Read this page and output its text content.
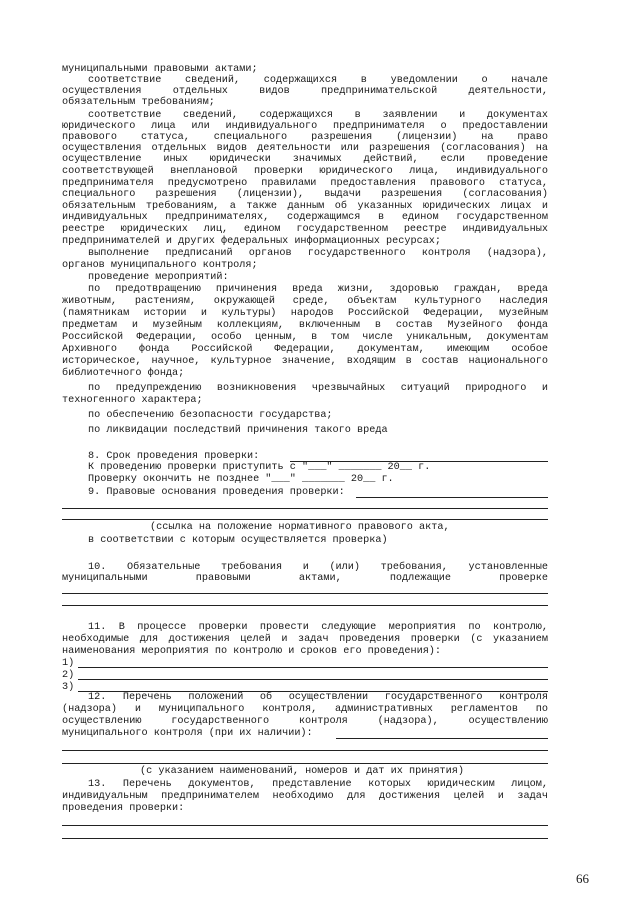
муниципальными правовыми актами;
соответствие сведений, содержащихся в уведомлении о начале
осуществления отдельных видов предпринимательской деятельности,
обязательным требованиям;
соответствие сведений, содержащихся в заявлении и документах
юридического лица или индивидуального предпринимателя о предоставлении
правового статуса, специального разрешения (лицензии) на право
осуществления отдельных видов деятельности или разрешения (согласования) на
осуществление иных юридически значимых действий, если проведение
соответствующей внеплановой проверки юридического лица, индивидуального
предпринимателя предусмотрено правилами предоставления правового статуса,
специального разрешения (лицензии), выдачи разрешения (согласования)
обязательным требованиям, а также данным об указанных юридических лицах и
индивидуальных предпринимателях, содержащимся в едином государственном
реестре юридических лиц, едином государственном реестре индивидуальных
предпринимателей и других федеральных информационных ресурсах;
выполнение предписаний органов государственного контроля (надзора),
органов муниципального контроля;
проведение мероприятий:
по предотвращению причинения вреда жизни, здоровью граждан, вреда
животным, растениям, окружающей среде, объектам культурного наследия
(памятникам истории и культуры) народов Российской Федерации, музейным
предметам и музейным коллекциям, включенным в состав Музейного фонда
Российской Федерации, особо ценным, в том числе уникальным, документам
Архивного фонда Российской Федерации, документам, имеющим особое
историческое, научное, культурное значение, входящим в состав национального
библиотечного фонда;
по предупреждению возникновения чрезвычайных ситуаций природного и
техногенного характера;
по обеспечению безопасности государства;
по ликвидации последствий причинения такого вреда
8. Срок проведения проверки:
К проведению проверки приступить с "___" _______ 20__ г.
Проверку окончить не позднее "___" _______ 20__ г.
9. Правовые основания проведения проверки:
(ссылка на положение нормативного правового акта,
в соответствии с которым осуществляется проверка)
10. Обязательные требования и (или) требования, установленные
муниципальными правовыми актами, подлежащие проверке
11. В процессе проверки провести следующие мероприятия по контролю,
необходимые для достижения целей и задач проведения проверки (с указанием
наименования мероприятия по контролю и сроков его проведения):
1)
2)
3)
12. Перечень положений об осуществлении государственного контроля
(надзора) и муниципального контроля, административных регламентов по
осуществлению государственного контроля (надзора), осуществлению
муниципального контроля (при их наличии):
(с указанием наименований, номеров и дат их принятия)
13. Перечень документов, представление которых юридическим лицом,
индивидуальным предпринимателем необходимо для достижения целей и задач
проведения проверки:
66
